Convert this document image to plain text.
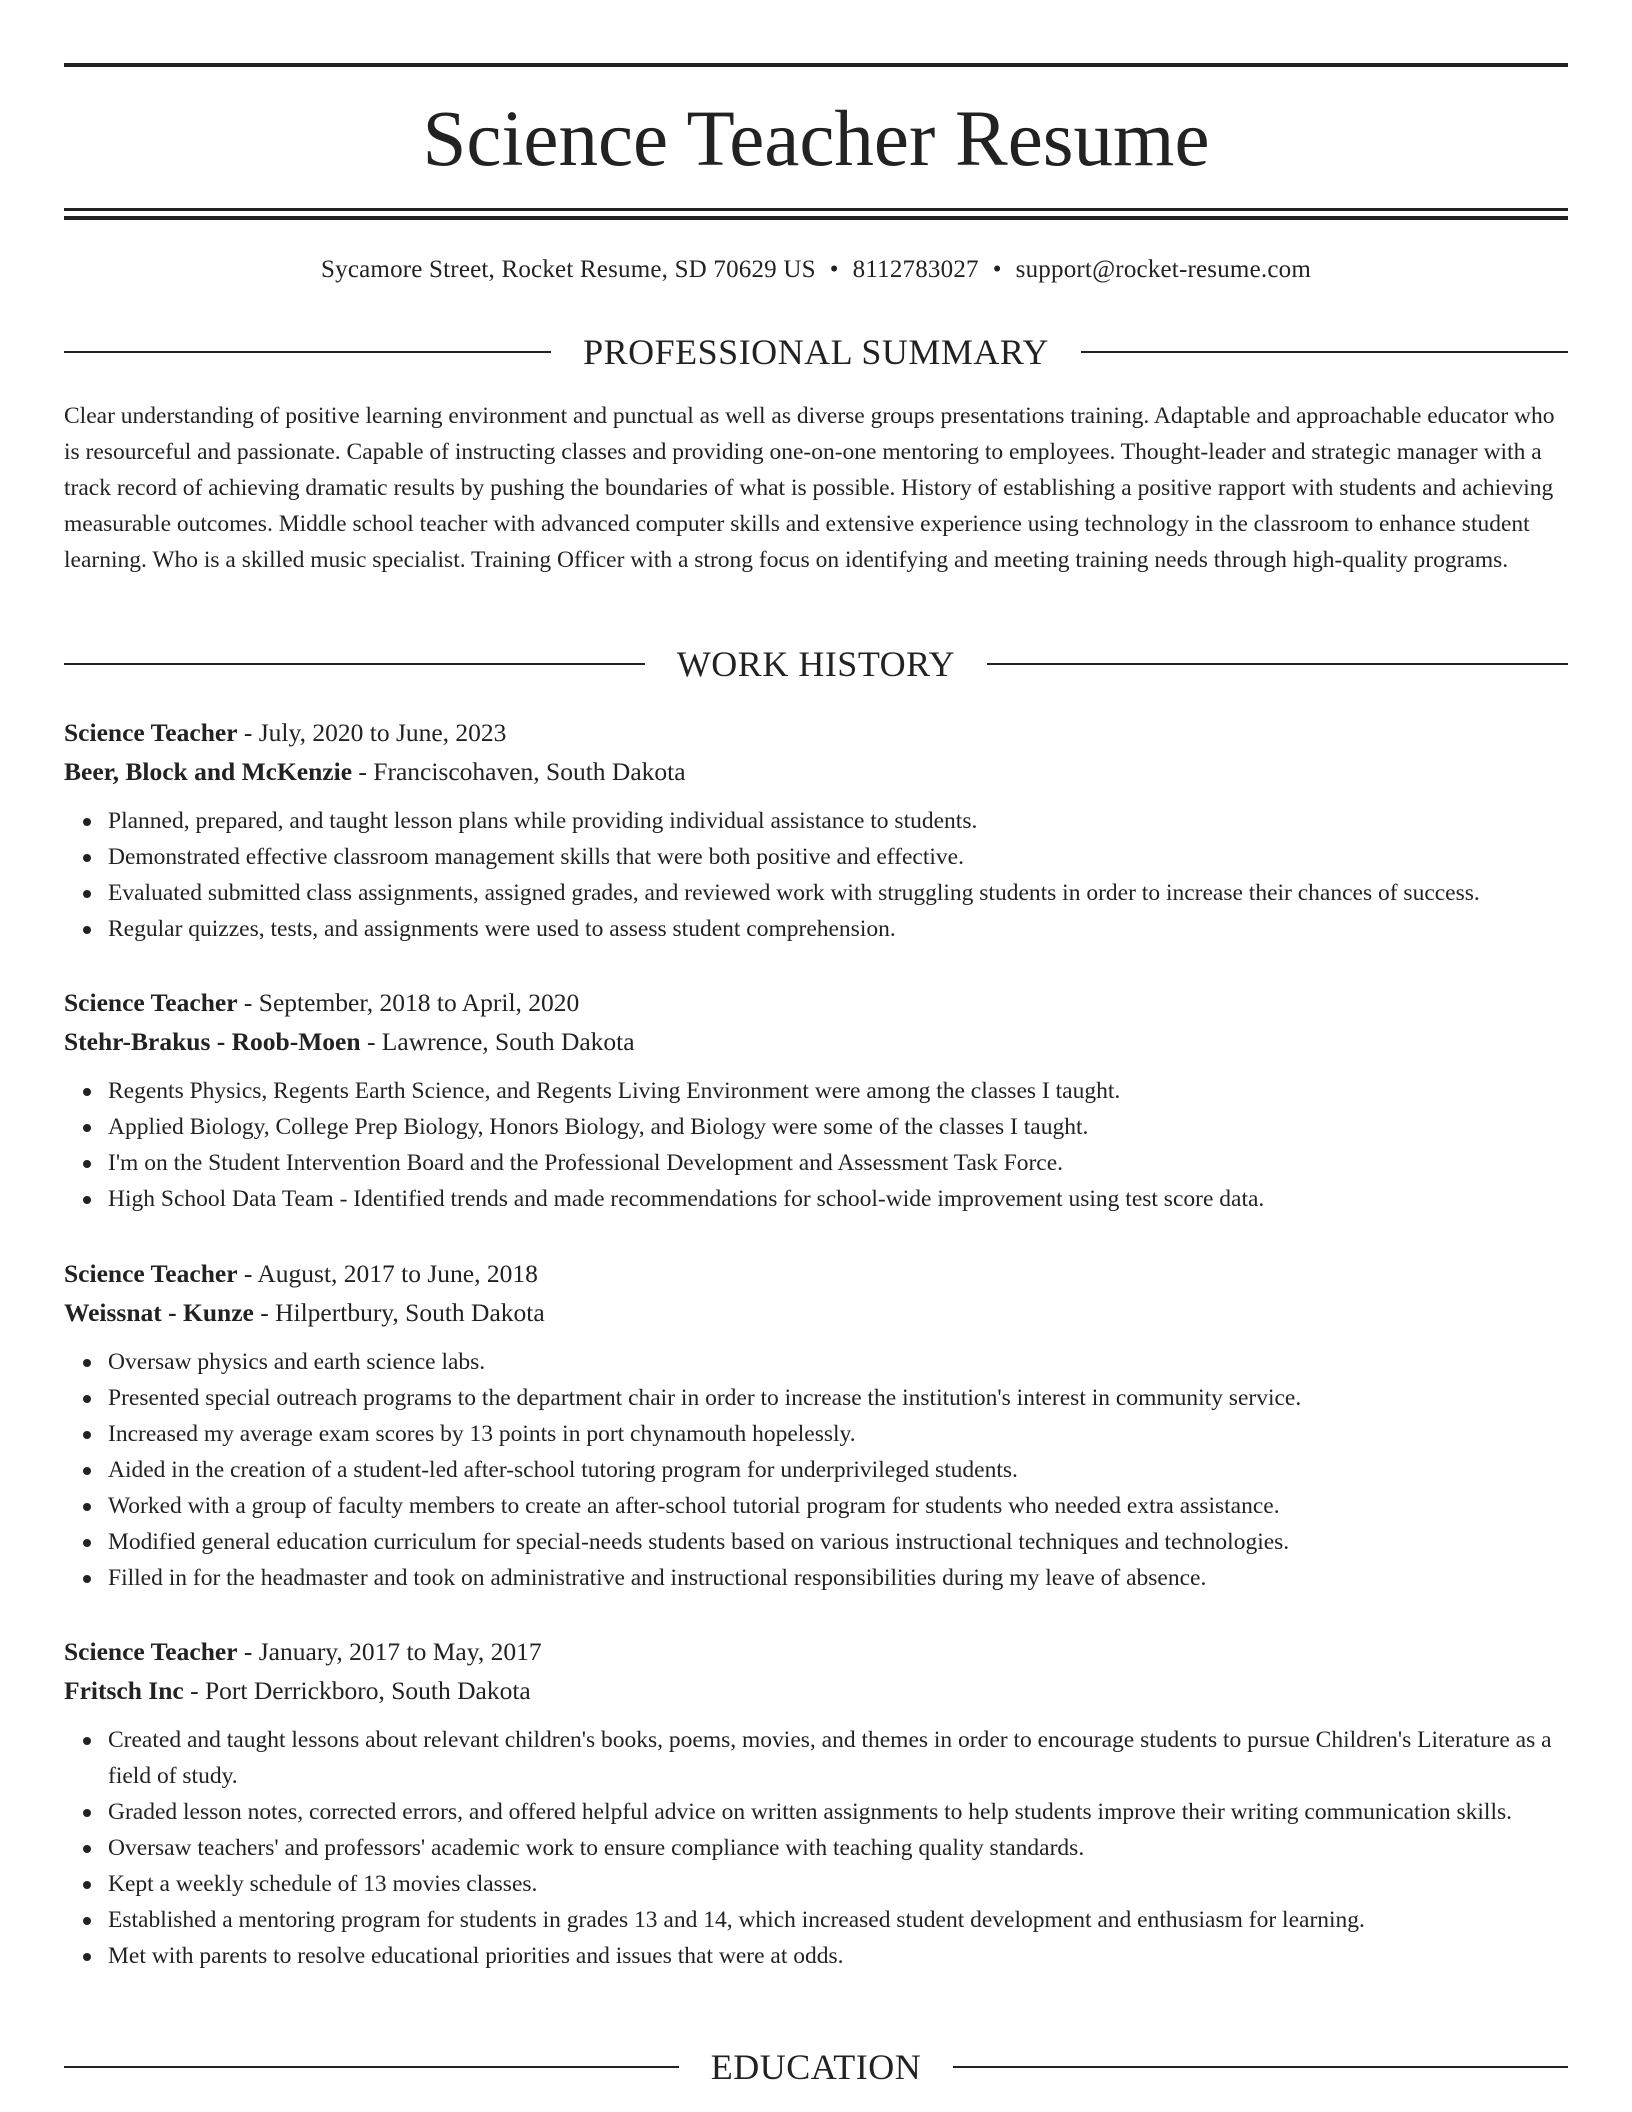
Science Teacher Resume
Sycamore Street, Rocket Resume, SD 70629 US • 8112783027 • support@rocket-resume.com
PROFESSIONAL SUMMARY

Clear understanding of positive learning environment and punctual as well as diverse groups presentations training. Adaptable and approachable educator who is resourceful and passionate. Capable of instructing classes and providing one-on-one mentoring to employees. Thought-leader and strategic manager with a track record of achieving dramatic results by pushing the boundaries of what is possible. History of establishing a positive rapport with students and achieving measurable outcomes. Middle school teacher with advanced computer skills and extensive experience using technology in the classroom to enhance student learning. Who is a skilled music specialist. Training Officer with a strong focus on identifying and meeting training needs through high-quality programs.

WORK HISTORY
Science Teacher - July, 2020 to June, 2023
Beer, Block and McKenzie - Franciscohaven, South Dakota
Planned, prepared, and taught lesson plans while providing individual assistance to students.
Demonstrated effective classroom management skills that were both positive and effective.
Evaluated submitted class assignments, assigned grades, and reviewed work with struggling students in order to increase their chances of success.
Regular quizzes, tests, and assignments were used to assess student comprehension.
Science Teacher - September, 2018 to April, 2020
Stehr-Brakus - Roob-Moen - Lawrence, South Dakota
Regents Physics, Regents Earth Science, and Regents Living Environment were among the classes I taught.
Applied Biology, College Prep Biology, Honors Biology, and Biology were some of the classes I taught.
I'm on the Student Intervention Board and the Professional Development and Assessment Task Force.
High School Data Team - Identified trends and made recommendations for school-wide improvement using test score data.
Science Teacher - August, 2017 to June, 2018
Weissnat - Kunze - Hilpertbury, South Dakota
Oversaw physics and earth science labs.
Presented special outreach programs to the department chair in order to increase the institution's interest in community service.
Increased my average exam scores by 13 points in port chynamouth hopelessly.
Aided in the creation of a student-led after-school tutoring program for underprivileged students.
Worked with a group of faculty members to create an after-school tutorial program for students who needed extra assistance.
Modified general education curriculum for special-needs students based on various instructional techniques and technologies.
Filled in for the headmaster and took on administrative and instructional responsibilities during my leave of absence.
Science Teacher - January, 2017 to May, 2017
Fritsch Inc - Port Derrickboro, South Dakota
Created and taught lessons about relevant children's books, poems, movies, and themes in order to encourage students to pursue Children's Literature as a field of study.
Graded lesson notes, corrected errors, and offered helpful advice on written assignments to help students improve their writing communication skills.
Oversaw teachers' and professors' academic work to ensure compliance with teaching quality standards.
Kept a weekly schedule of 13 movies classes.
Established a mentoring program for students in grades 13 and 14, which increased student development and enthusiasm for learning.
Met with parents to resolve educational priorities and issues that were at odds.
EDUCATION
